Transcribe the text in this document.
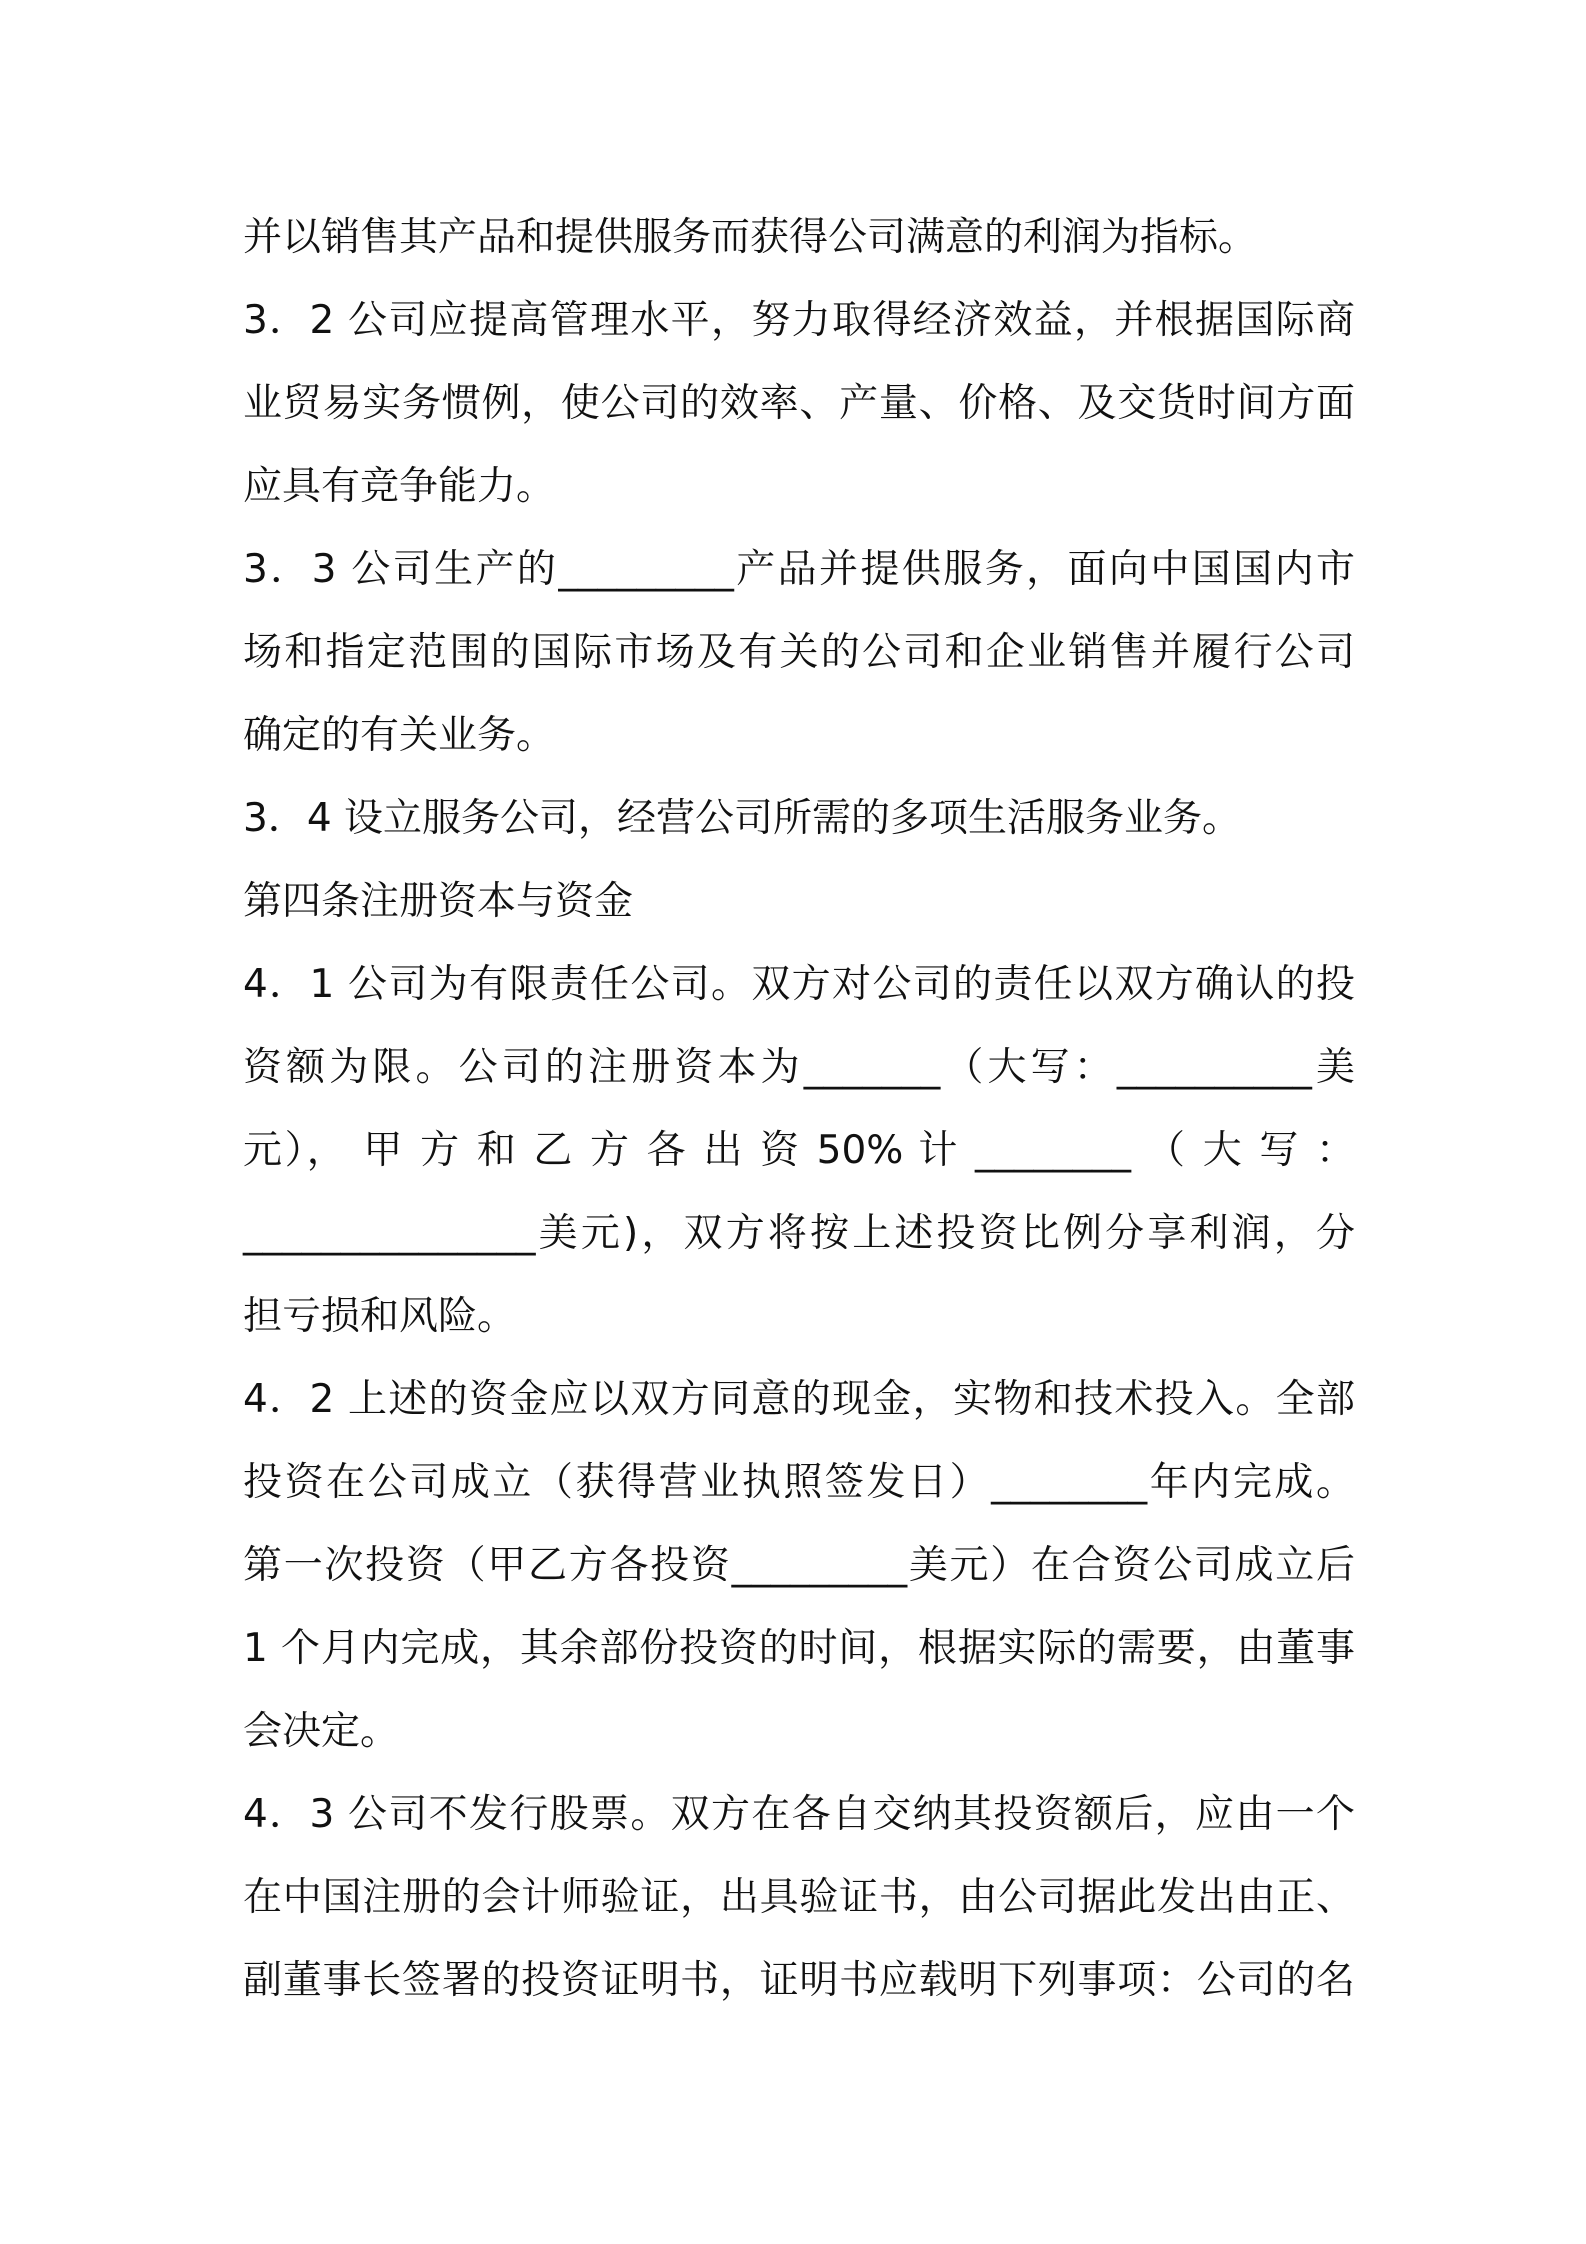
并以销售其产品和提供服务而获得公司满意的利润为指标。
3．2 公司应提高管理水平，努力取得经济效益，并根据国际商
业贸易实务惯例，使公司的效率、产量、价格、及交货时间方面
应具有竞争能力。
3．3 公司生产的_________产品并提供服务，面向中国国内市
场和指定范围的国际市场及有关的公司和企业销售并履行公司
确定的有关业务。
3．4 设立服务公司，经营公司所需的多项生活服务业务。
第四条注册资本与资金
4．1 公司为有限责任公司。双方对公司的责任以双方确认的投
资额为限。公司的注册资本为_______（大写：__________美
元）， 甲 方 和 乙 方 各 出 资 50% 计 ________ （ 大 写 ：
_______________美元)，双方将按上述投资比例分享利润，分
担亏损和风险。
4．2 上述的资金应以双方同意的现金，实物和技术投入。全部
投资在公司成立（获得营业执照签发日）________年内完成。
第一次投资（甲乙方各投资_________美元）在合资公司成立后
1 个月内完成，其余部份投资的时间，根据实际的需要，由董事
会决定。
4．3 公司不发行股票。双方在各自交纳其投资额后，应由一个
在中国注册的会计师验证，出具验证书，由公司据此发出由正、
副董事长签署的投资证明书，证明书应载明下列事项：公司的名
